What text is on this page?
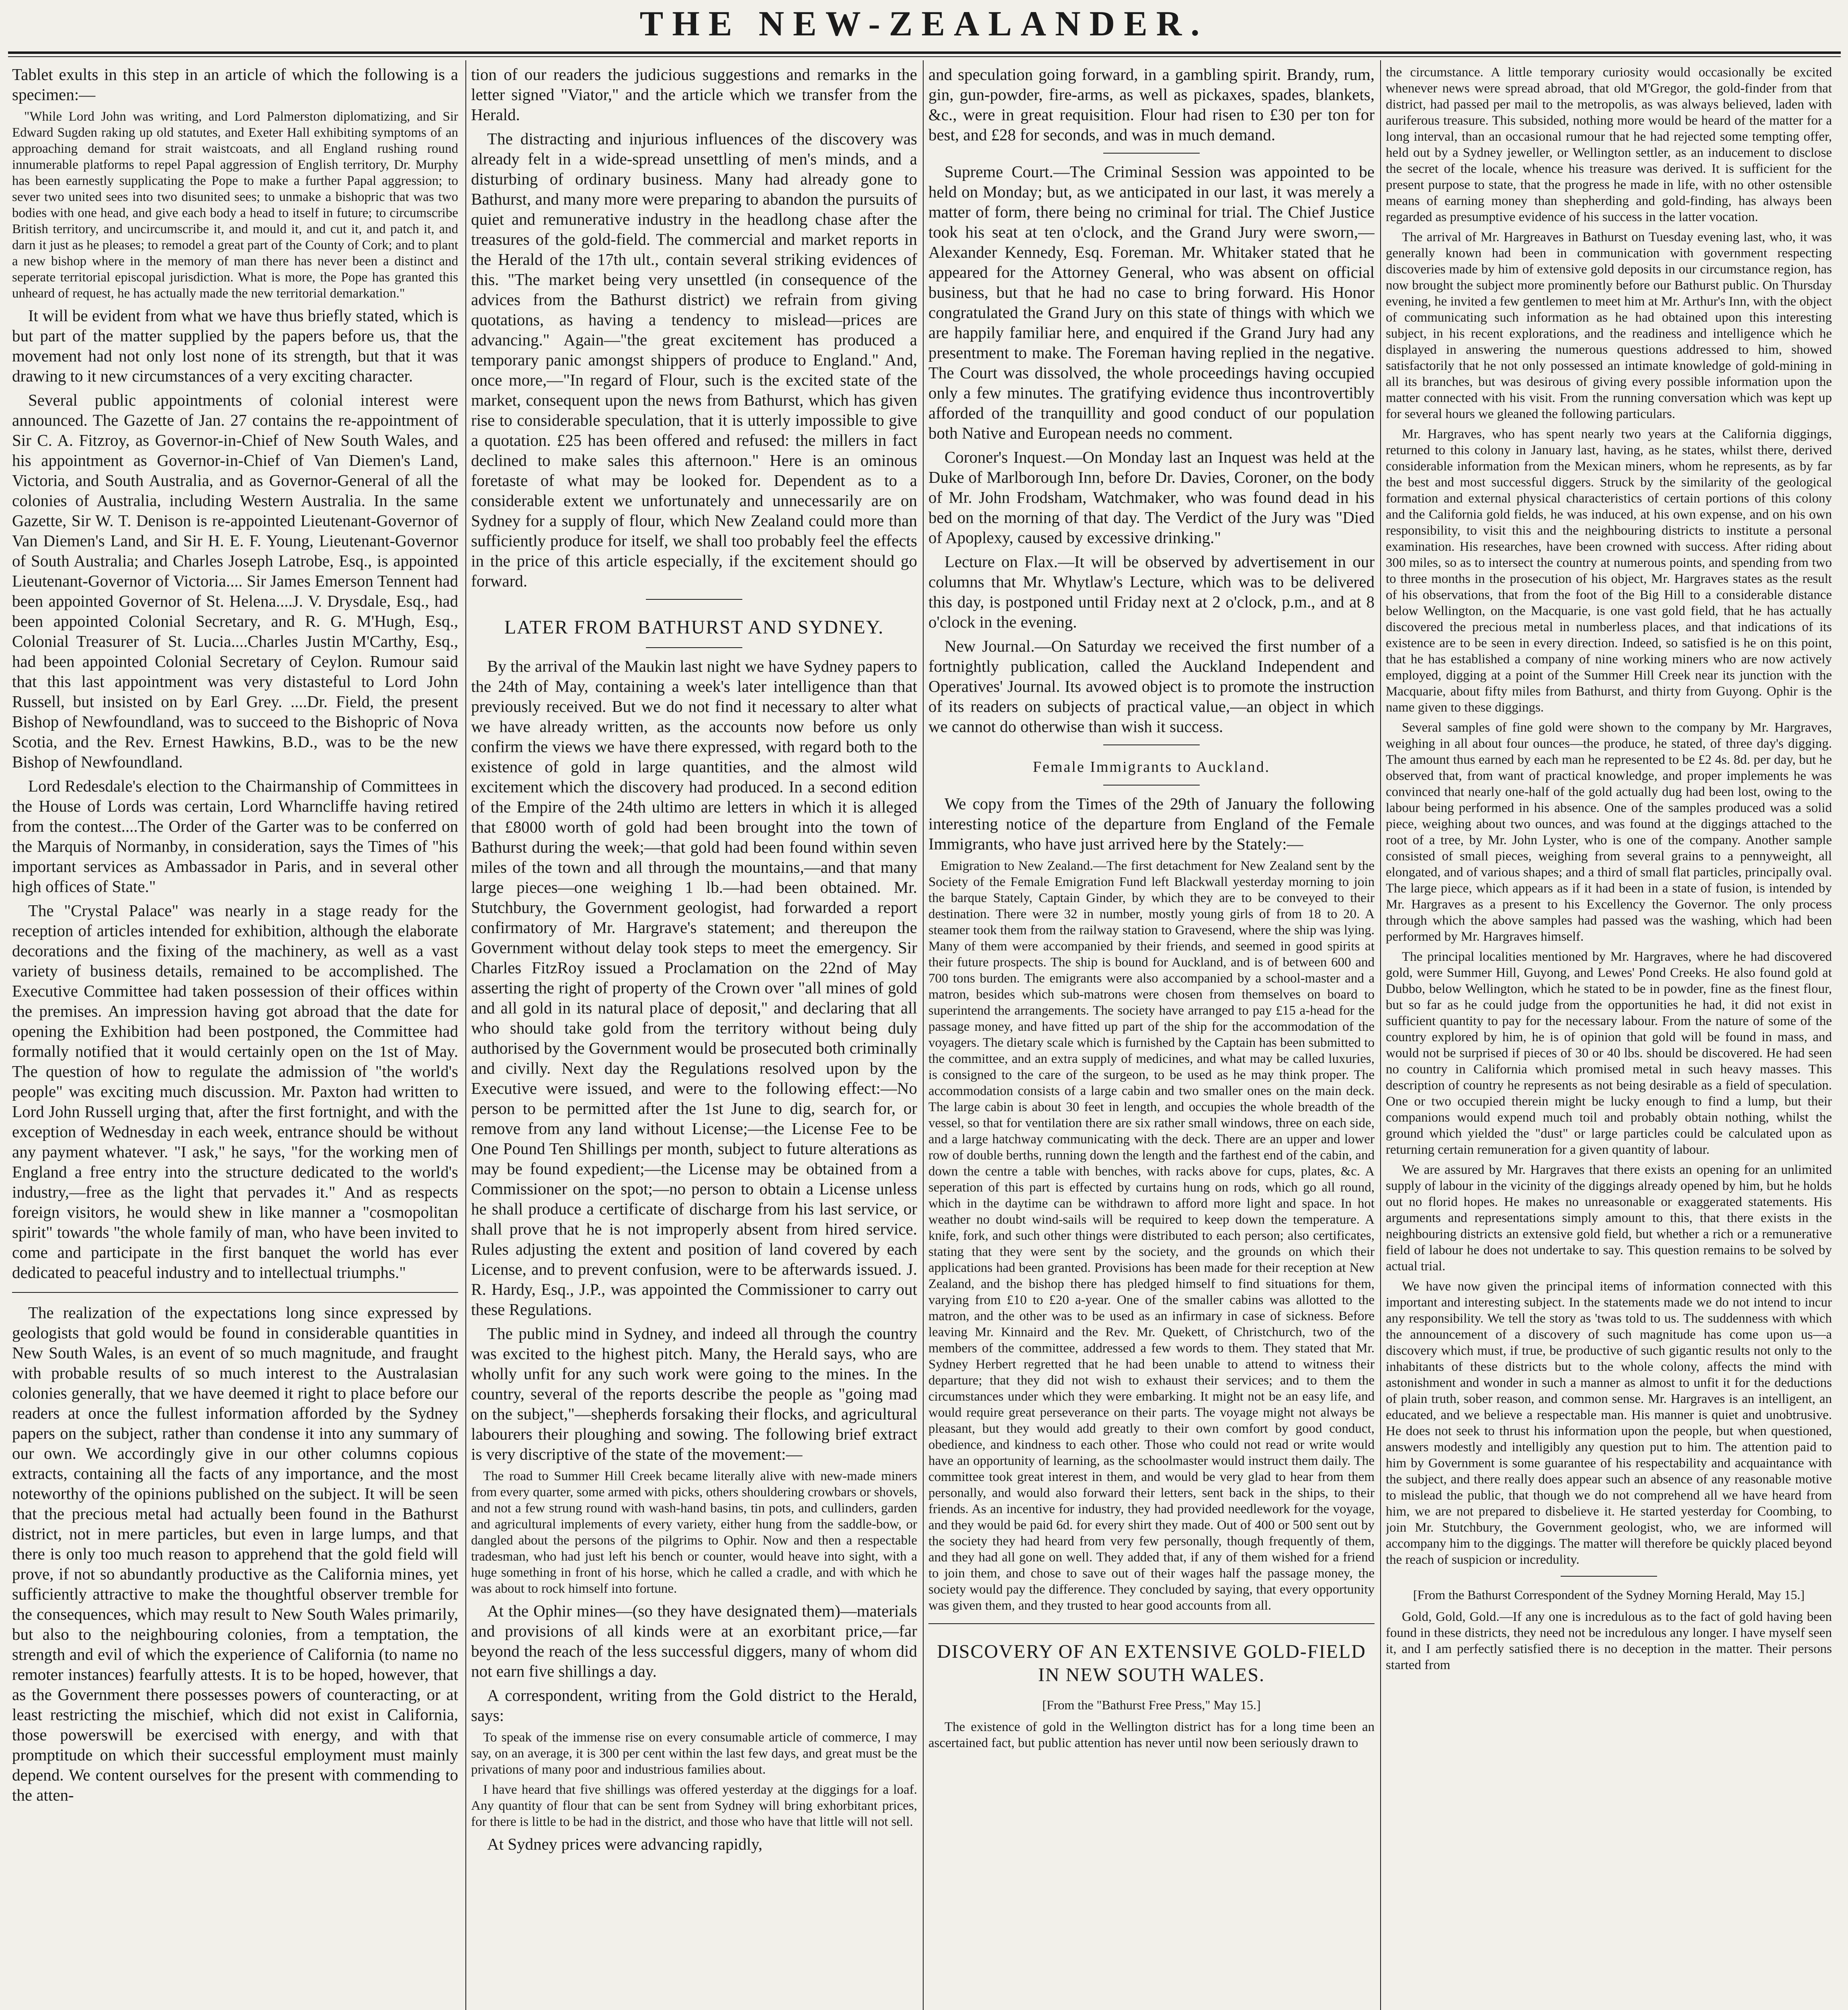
THE NEW-ZEALANDER.

Tablet exults in this step in an article of which the following is a specimen:—

"While Lord John was writing, and Lord Palmerston diplomatizing, and Sir Edward Sugden raking up old statutes, and Exeter Hall exhibiting symptoms of an approaching demand for strait waistcoats, and all England rushing round innumerable platforms to repel Papal aggression of English territory, Dr. Murphy has been earnestly supplicating the Pope to make a further Papal aggression; to sever two united sees into two disunited sees; to unmake a bishopric that was two bodies with one head, and give each body a head to itself in future; to circumscribe British territory, and uncircumscribe it, and mould it, and cut it, and patch it, and darn it just as he pleases; to remodel a great part of the County of Cork; and to plant a new bishop where in the memory of man there has never been a distinct and seperate territorial episcopal jurisdiction. What is more, the Pope has granted this unheard of request, he has actually made the new territorial demarkation."

It will be evident from what we have thus briefly stated, which is but part of the matter supplied by the papers before us, that the movement had not only lost none of its strength, but that it was drawing to it new circumstances of a very exciting character.

Several public appointments of colonial interest were announced. The Gazette of Jan. 27 contains the re-appointment of Sir C. A. Fitzroy, as Governor-in-Chief of New South Wales, and his appointment as Governor-in-Chief of Van Diemen's Land, Victoria, and South Australia, and as Governor-General of all the colonies of Australia, including Western Australia. In the same Gazette, Sir W. T. Denison is re-appointed Lieutenant-Governor of Van Diemen's Land, and Sir H. E. F. Young, Lieutenant-Governor of South Australia; and Charles Joseph Latrobe, Esq., is appointed Lieutenant-Governor of Victoria.... Sir James Emerson Tennent had been appointed Governor of St. Helena....J. V. Drysdale, Esq., had been appointed Colonial Secretary, and R. G. M'Hugh, Esq., Colonial Treasurer of St. Lucia....Charles Justin M'Carthy, Esq., had been appointed Colonial Secretary of Ceylon. Rumour said that this last appointment was very distasteful to Lord John Russell, but insisted on by Earl Grey. ....Dr. Field, the present Bishop of Newfoundland, was to succeed to the Bishopric of Nova Scotia, and the Rev. Ernest Hawkins, B.D., was to be the new Bishop of Newfoundland.

Lord Redesdale's election to the Chairmanship of Committees in the House of Lords was certain, Lord Wharncliffe having retired from the contest....The Order of the Garter was to be conferred on the Marquis of Normanby, in consideration, says the Times of "his important services as Ambassador in Paris, and in several other high offices of State."

The "Crystal Palace" was nearly in a stage ready for the reception of articles intended for exhibition, although the elaborate decorations and the fixing of the machinery, as well as a vast variety of business details, remained to be accomplished. The Executive Committee had taken possession of their offices within the premises. An impression having got abroad that the date for opening the Exhibition had been postponed, the Committee had formally notified that it would certainly open on the 1st of May. The question of how to regulate the admission of "the world's people" was exciting much discussion. Mr. Paxton had written to Lord John Russell urging that, after the first fortnight, and with the exception of Wednesday in each week, entrance should be without any payment whatever. "I ask," he says, "for the working men of England a free entry into the structure dedicated to the world's industry,—free as the light that pervades it." And as respects foreign visitors, he would shew in like manner a "cosmopolitan spirit" towards "the whole family of man, who have been invited to come and participate in the first banquet the world has ever dedicated to peaceful industry and to intellectual triumphs."

The realization of the expectations long since expressed by geologists that gold would be found in considerable quantities in New South Wales, is an event of so much magnitude, and fraught with probable results of so much interest to the Australasian colonies generally, that we have deemed it right to place before our readers at once the fullest information afforded by the Sydney papers on the subject, rather than condense it into any summary of our own. We accordingly give in our other columns copious extracts, containing all the facts of any importance, and the most noteworthy of the opinions published on the subject. It will be seen that the precious metal had actually been found in the Bathurst district, not in mere particles, but even in large lumps, and that there is only too much reason to apprehend that the gold field will prove, if not so abundantly productive as the California mines, yet sufficiently attractive to make the thoughtful observer tremble for the consequences, which may result to New South Wales primarily, but also to the neighbouring colonies, from a temptation, the strength and evil of which the experience of California (to name no remoter instances) fearfully attests. It is to be hoped, however, that as the Government there possesses powers of counteracting, or at least restricting the mischief, which did not exist in California, those powerswill be exercised with energy, and with that promptitude on which their successful employment must mainly depend. We content ourselves for the present with commending to the atten-

tion of our readers the judicious suggestions and remarks in the letter signed "Viator," and the article which we transfer from the Herald.

The distracting and injurious influences of the discovery was already felt in a wide-spread unsettling of men's minds, and a disturbing of ordinary business. Many had already gone to Bathurst, and many more were preparing to abandon the pursuits of quiet and remunerative industry in the headlong chase after the treasures of the gold-field. The commercial and market reports in the Herald of the 17th ult., contain several striking evidences of this. "The market being very unsettled (in consequence of the advices from the Bathurst district) we refrain from giving quotations, as having a tendency to mislead—prices are advancing." Again—"the great excitement has produced a temporary panic amongst shippers of produce to England." And, once more,—"In regard of Flour, such is the excited state of the market, consequent upon the news from Bathurst, which has given rise to considerable speculation, that it is utterly impossible to give a quotation. £25 has been offered and refused: the millers in fact declined to make sales this afternoon." Here is an ominous foretaste of what may be looked for. Dependent as to a considerable extent we unfortunately and unnecessarily are on Sydney for a supply of flour, which New Zealand could more than sufficiently produce for itself, we shall too probably feel the effects in the price of this article especially, if the excitement should go forward.

LATER FROM BATHURST AND SYDNEY.

By the arrival of the Maukin last night we have Sydney papers to the 24th of May, containing a week's later intelligence than that previously received. But we do not find it necessary to alter what we have already written, as the accounts now before us only confirm the views we have there expressed, with regard both to the existence of gold in large quantities, and the almost wild excitement which the discovery had produced. In a second edition of the Empire of the 24th ultimo are letters in which it is alleged that £8000 worth of gold had been brought into the town of Bathurst during the week;—that gold had been found within seven miles of the town and all through the mountains,—and that many large pieces—one weighing 1 lb.—had been obtained. Mr. Stutchbury, the Government geologist, had forwarded a report confirmatory of Mr. Hargrave's statement; and thereupon the Government without delay took steps to meet the emergency. Sir Charles FitzRoy issued a Proclamation on the 22nd of May asserting the right of property of the Crown over "all mines of gold and all gold in its natural place of deposit," and declaring that all who should take gold from the territory without being duly authorised by the Government would be prosecuted both criminally and civilly. Next day the Regulations resolved upon by the Executive were issued, and were to the following effect:—No person to be permitted after the 1st June to dig, search for, or remove from any land without License;—the License Fee to be One Pound Ten Shillings per month, subject to future alterations as may be found expedient;—the License may be obtained from a Commissioner on the spot;—no person to obtain a License unless he shall produce a certificate of discharge from his last service, or shall prove that he is not improperly absent from hired service. Rules adjusting the extent and position of land covered by each License, and to prevent confusion, were to be afterwards issued. J. R. Hardy, Esq., J.P., was appointed the Commissioner to carry out these Regulations.

The public mind in Sydney, and indeed all through the country was excited to the highest pitch. Many, the Herald says, who are wholly unfit for any such work were going to the mines. In the country, several of the reports describe the people as "going mad on the subject,"—shepherds forsaking their flocks, and agricultural labourers their ploughing and sowing. The following brief extract is very discriptive of the state of the movement:—

The road to Summer Hill Creek became literally alive with new-made miners from every quarter, some armed with picks, others shouldering crowbars or shovels, and not a few strung round with wash-hand basins, tin pots, and cullinders, garden and agricultural implements of every variety, either hung from the saddle-bow, or dangled about the persons of the pilgrims to Ophir. Now and then a respectable tradesman, who had just left his bench or counter, would heave into sight, with a huge something in front of his horse, which he called a cradle, and with which he was about to rock himself into fortune.

At the Ophir mines—(so they have designated them)—materials and provisions of all kinds were at an exorbitant price,—far beyond the reach of the less successful diggers, many of whom did not earn five shillings a day.

A correspondent, writing from the Gold district to the Herald, says:

To speak of the immense rise on every consumable article of commerce, I may say, on an average, it is 300 per cent within the last few days, and great must be the privations of many poor and industrious families about.

I have heard that five shillings was offered yesterday at the diggings for a loaf. Any quantity of flour that can be sent from Sydney will bring exhorbitant prices, for there is little to be had in the district, and those who have that little will not sell.

At Sydney prices were advancing rapidly,

and speculation going forward, in a gambling spirit. Brandy, rum, gin, gun-powder, fire-arms, as well as pickaxes, spades, blankets, &c., were in great requisition. Flour had risen to £30 per ton for best, and £28 for seconds, and was in much demand.

Supreme Court.—The Criminal Session was appointed to be held on Monday; but, as we anticipated in our last, it was merely a matter of form, there being no criminal for trial. The Chief Justice took his seat at ten o'clock, and the Grand Jury were sworn,—Alexander Kennedy, Esq. Foreman. Mr. Whitaker stated that he appeared for the Attorney General, who was absent on official business, but that he had no case to bring forward. His Honor congratulated the Grand Jury on this state of things with which we are happily familiar here, and enquired if the Grand Jury had any presentment to make. The Foreman having replied in the negative. The Court was dissolved, the whole proceedings having occupied only a few minutes. The gratifying evidence thus incontrovertibly afforded of the tranquillity and good conduct of our population both Native and European needs no comment.

Coroner's Inquest.—On Monday last an Inquest was held at the Duke of Marlborough Inn, before Dr. Davies, Coroner, on the body of Mr. John Frodsham, Watchmaker, who was found dead in his bed on the morning of that day. The Verdict of the Jury was "Died of Apoplexy, caused by excessive drinking."

Lecture on Flax.—It will be observed by advertisement in our columns that Mr. Whytlaw's Lecture, which was to be delivered this day, is postponed until Friday next at 2 o'clock, p.m., and at 8 o'clock in the evening.

New Journal.—On Saturday we received the first number of a fortnightly publication, called the Auckland Independent and Operatives' Journal. Its avowed object is to promote the instruction of its readers on subjects of practical value,—an object in which we cannot do otherwise than wish it success.

Female Immigrants to Auckland.

We copy from the Times of the 29th of January the following interesting notice of the departure from England of the Female Immigrants, who have just arrived here by the Stately:—

Emigration to New Zealand.—The first detachment for New Zealand sent by the Society of the Female Emigration Fund left Blackwall yesterday morning to join the barque Stately, Captain Ginder, by which they are to be conveyed to their destination. There were 32 in number, mostly young girls of from 18 to 20. A steamer took them from the railway station to Gravesend, where the ship was lying. Many of them were accompanied by their friends, and seemed in good spirits at their future prospects. The ship is bound for Auckland, and is of between 600 and 700 tons burden. The emigrants were also accompanied by a school-master and a matron, besides which sub-matrons were chosen from themselves on board to superintend the arrangements. The society have arranged to pay £15 a-head for the passage money, and have fitted up part of the ship for the accommodation of the voyagers. The dietary scale which is furnished by the Captain has been submitted to the committee, and an extra supply of medicines, and what may be called luxuries, is consigned to the care of the surgeon, to be used as he may think proper. The accommodation consists of a large cabin and two smaller ones on the main deck. The large cabin is about 30 feet in length, and occupies the whole breadth of the vessel, so that for ventilation there are six rather small windows, three on each side, and a large hatchway communicating with the deck. There are an upper and lower row of double berths, running down the length and the farthest end of the cabin, and down the centre a table with benches, with racks above for cups, plates, &c. A seperation of this part is effected by curtains hung on rods, which go all round, which in the daytime can be withdrawn to afford more light and space. In hot weather no doubt wind-sails will be required to keep down the temperature. A knife, fork, and such other things were distributed to each person; also certificates, stating that they were sent by the society, and the grounds on which their applications had been granted. Provisions has been made for their reception at New Zealand, and the bishop there has pledged himself to find situations for them, varying from £10 to £20 a-year. One of the smaller cabins was allotted to the matron, and the other was to be used as an infirmary in case of sickness. Before leaving Mr. Kinnaird and the Rev. Mr. Quekett, of Christchurch, two of the members of the committee, addressed a few words to them. They stated that Mr. Sydney Herbert regretted that he had been unable to attend to witness their departure; that they did not wish to exhaust their services; and to them the circumstances under which they were embarking. It might not be an easy life, and would require great perseverance on their parts. The voyage might not always be pleasant, but they would add greatly to their own comfort by good conduct, obedience, and kindness to each other. Those who could not read or write would have an opportunity of learning, as the schoolmaster would instruct them daily. The committee took great interest in them, and would be very glad to hear from them personally, and would also forward their letters, sent back in the ships, to their friends. As an incentive for industry, they had provided needlework for the voyage, and they would be paid 6d. for every shirt they made. Out of 400 or 500 sent out by the society they had heard from very few personally, though frequently of them, and they had all gone on well. They added that, if any of them wished for a friend to join them, and chose to save out of their wages half the passage money, the society would pay the difference. They concluded by saying, that every opportunity was given them, and they trusted to hear good accounts from all.

DISCOVERY OF AN EXTENSIVE GOLD-FIELD IN NEW SOUTH WALES.
[From the "Bathurst Free Press," May 15.]

The existence of gold in the Wellington district has for a long time been an ascertained fact, but public attention has never until now been seriously drawn to

the circumstance. A little temporary curiosity would occasionally be excited whenever news were spread abroad, that old M'Gregor, the gold-finder from that district, had passed per mail to the metropolis, as was always believed, laden with auriferous treasure. This subsided, nothing more would be heard of the matter for a long interval, than an occasional rumour that he had rejected some tempting offer, held out by a Sydney jeweller, or Wellington settler, as an inducement to disclose the secret of the locale, whence his treasure was derived. It is sufficient for the present purpose to state, that the progress he made in life, with no other ostensible means of earning money than shepherding and gold-finding, has always been regarded as presumptive evidence of his success in the latter vocation.

The arrival of Mr. Hargreaves in Bathurst on Tuesday evening last, who, it was generally known had been in communication with government respecting discoveries made by him of extensive gold deposits in our circumstance region, has now brought the subject more prominently before our Bathurst public. On Thursday evening, he invited a few gentlemen to meet him at Mr. Arthur's Inn, with the object of communicating such information as he had obtained upon this interesting subject, in his recent explorations, and the readiness and intelligence which he displayed in answering the numerous questions addressed to him, showed satisfactorily that he not only possessed an intimate knowledge of gold-mining in all its branches, but was desirous of giving every possible information upon the matter connected with his visit. From the running conversation which was kept up for several hours we gleaned the following particulars.

Mr. Hargraves, who has spent nearly two years at the California diggings, returned to this colony in January last, having, as he states, whilst there, derived considerable information from the Mexican miners, whom he represents, as by far the best and most successful diggers. Struck by the similarity of the geological formation and external physical characteristics of certain portions of this colony and the California gold fields, he was induced, at his own expense, and on his own responsibility, to visit this and the neighbouring districts to institute a personal examination. His researches, have been crowned with success. After riding about 300 miles, so as to intersect the country at numerous points, and spending from two to three months in the prosecution of his object, Mr. Hargraves states as the result of his observations, that from the foot of the Big Hill to a considerable distance below Wellington, on the Macquarie, is one vast gold field, that he has actually discovered the precious metal in numberless places, and that indications of its existence are to be seen in every direction. Indeed, so satisfied is he on this point, that he has established a company of nine working miners who are now actively employed, digging at a point of the Summer Hill Creek near its junction with the Macquarie, about fifty miles from Bathurst, and thirty from Guyong. Ophir is the name given to these diggings.

Several samples of fine gold were shown to the company by Mr. Hargraves, weighing in all about four ounces—the produce, he stated, of three day's digging. The amount thus earned by each man he represented to be £2 4s. 8d. per day, but he observed that, from want of practical knowledge, and proper implements he was convinced that nearly one-half of the gold actually dug had been lost, owing to the labour being performed in his absence. One of the samples produced was a solid piece, weighing about two ounces, and was found at the diggings attached to the root of a tree, by Mr. John Lyster, who is one of the company. Another sample consisted of small pieces, weighing from several grains to a pennyweight, all elongated, and of various shapes; and a third of small flat particles, principally oval. The large piece, which appears as if it had been in a state of fusion, is intended by Mr. Hargraves as a present to his Excellency the Governor. The only process through which the above samples had passed was the washing, which had been performed by Mr. Hargraves himself.

The principal localities mentioned by Mr. Hargraves, where he had discovered gold, were Summer Hill, Guyong, and Lewes' Pond Creeks. He also found gold at Dubbo, below Wellington, which he stated to be in powder, fine as the finest flour, but so far as he could judge from the opportunities he had, it did not exist in sufficient quantity to pay for the necessary labour. From the nature of some of the country explored by him, he is of opinion that gold will be found in mass, and would not be surprised if pieces of 30 or 40 lbs. should be discovered. He had seen no country in California which promised metal in such heavy masses. This description of country he represents as not being desirable as a field of speculation. One or two occupied therein might be lucky enough to find a lump, but their companions would expend much toil and probably obtain nothing, whilst the ground which yielded the "dust" or large particles could be calculated upon as returning certain remuneration for a given quantity of labour.

We are assured by Mr. Hargraves that there exists an opening for an unlimited supply of labour in the vicinity of the diggings already opened by him, but he holds out no florid hopes. He makes no unreasonable or exaggerated statements. His arguments and representations simply amount to this, that there exists in the neighbouring districts an extensive gold field, but whether a rich or a remunerative field of labour he does not undertake to say. This question remains to be solved by actual trial.

We have now given the principal items of information connected with this important and interesting subject. In the statements made we do not intend to incur any responsibility. We tell the story as 'twas told to us. The suddenness with which the announcement of a discovery of such magnitude has come upon us—a discovery which must, if true, be productive of such gigantic results not only to the inhabitants of these districts but to the whole colony, affects the mind with astonishment and wonder in such a manner as almost to unfit it for the deductions of plain truth, sober reason, and common sense. Mr. Hargraves is an intelligent, an educated, and we believe a respectable man. His manner is quiet and unobtrusive. He does not seek to thrust his information upon the people, but when questioned, answers modestly and intelligibly any question put to him. The attention paid to him by Government is some guarantee of his respectability and acquaintance with the subject, and there really does appear such an absence of any reasonable motive to mislead the public, that though we do not comprehend all we have heard from him, we are not prepared to disbelieve it. He started yesterday for Coombing, to join Mr. Stutchbury, the Government geologist, who, we are informed will accompany him to the diggings. The matter will therefore be quickly placed beyond the reach of suspicion or incredulity.

[From the Bathurst Correspondent of the Sydney Morning Herald, May 15.]

Gold, Gold, Gold.—If any one is incredulous as to the fact of gold having been found in these districts, they need not be incredulous any longer. I have myself seen it, and I am perfectly satisfied there is no deception in the matter. Their persons started from
